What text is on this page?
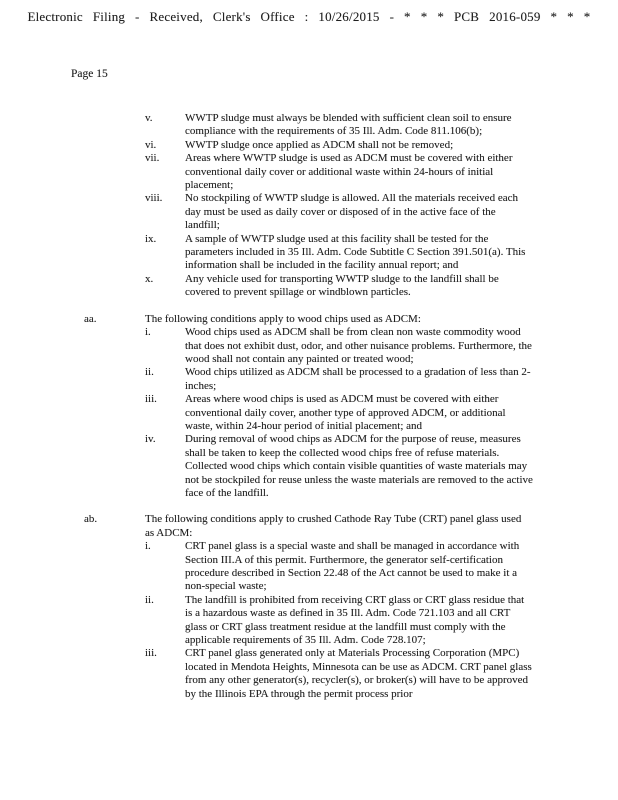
Electronic Filing - Received, Clerk's Office : 10/26/2015 - * * * PCB 2016-059 * * *
Page 15
v.	WWTP sludge must always be blended with sufficient clean soil to ensure compliance with the requirements of 35 Ill. Adm. Code 811.106(b);
vi.	WWTP sludge once applied as ADCM shall not be removed;
vii.	Areas where WWTP sludge is used as ADCM must be covered with either conventional daily cover or additional waste within 24-hours of initial placement;
viii.	No stockpiling of WWTP sludge is allowed. All the materials received each day must be used as daily cover or disposed of in the active face of the landfill;
ix.	A sample of WWTP sludge used at this facility shall be tested for the parameters included in 35 Ill. Adm. Code Subtitle C Section 391.501(a). This information shall be included in the facility annual report; and
x.	Any vehicle used for transporting WWTP sludge to the landfill shall be covered to prevent spillage or windblown particles.
aa.	The following conditions apply to wood chips used as ADCM:
i.	Wood chips used as ADCM shall be from clean non waste commodity wood that does not exhibit dust, odor, and other nuisance problems. Furthermore, the wood shall not contain any painted or treated wood;
ii.	Wood chips utilized as ADCM shall be processed to a gradation of less than 2-inches;
iii.	Areas where wood chips is used as ADCM must be covered with either conventional daily cover, another type of approved ADCM, or additional waste, within 24-hour period of initial placement; and
iv.	During removal of wood chips as ADCM for the purpose of reuse, measures shall be taken to keep the collected wood chips free of refuse materials. Collected wood chips which contain visible quantities of waste materials may not be stockpiled for reuse unless the waste materials are removed to the active face of the landfill.
ab.	The following conditions apply to crushed Cathode Ray Tube (CRT) panel glass used as ADCM:
i.	CRT panel glass is a special waste and shall be managed in accordance with Section III.A of this permit. Furthermore, the generator self-certification procedure described in Section 22.48 of the Act cannot be used to make it a non-special waste;
ii.	The landfill is prohibited from receiving CRT glass or CRT glass residue that is a hazardous waste as defined in 35 Ill. Adm. Code 721.103 and all CRT glass or CRT glass treatment residue at the landfill must comply with the applicable requirements of 35 Ill. Adm. Code 728.107;
iii.	CRT panel glass generated only at Materials Processing Corporation (MPC) located in Mendota Heights, Minnesota can be use as ADCM. CRT panel glass from any other generator(s), recycler(s), or broker(s) will have to be approved by the Illinois EPA through the permit process prior
